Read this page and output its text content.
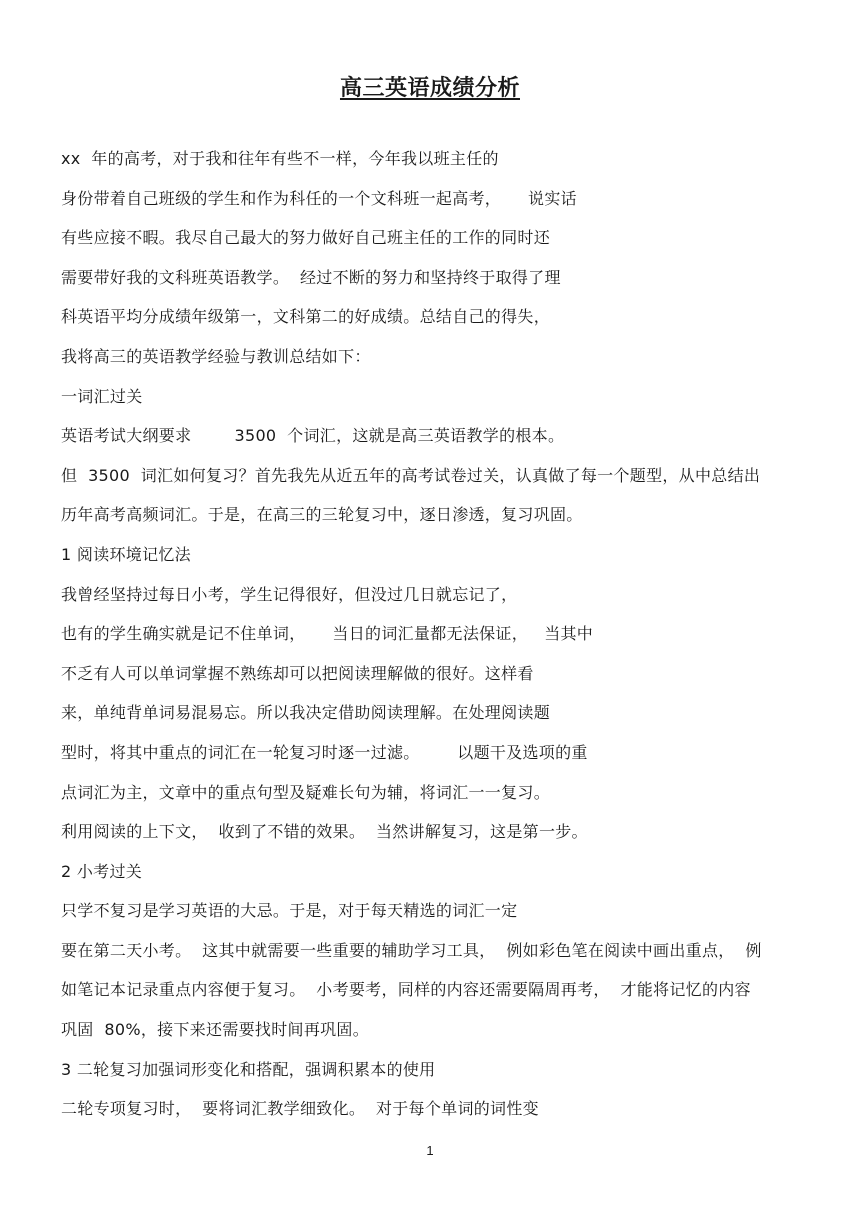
高三英语成绩分析
xx  年的高考，对于我和往年有些不一样，今年我以班主任的
身份带着自己班级的学生和作为科任的一个文科班一起高考，     说实话
有些应接不暇。我尽自己最大的努力做好自己班主任的工作的同时还
需要带好我的文科班英语教学。  经过不断的努力和坚持终于取得了理
科英语平均分成绩年级第一，文科第二的好成绩。总结自己的得失，
我将高三的英语教学经验与教训总结如下：
一词汇过关
英语考试大纲要求        3500  个词汇，这就是高三英语教学的根本。
但  3500  词汇如何复习？首先我先从近五年的高考试卷过关，认真做了每一个题型，从中总结出
历年高考高频词汇。于是，在高三的三轮复习中，逐日渗透，复习巩固。
1 阅读环境记忆法
我曾经坚持过每日小考，学生记得很好，但没过几日就忘记了，
也有的学生确实就是记不住单词，     当日的词汇量都无法保证，   当其中
不乏有人可以单词掌握不熟练却可以把阅读理解做的很好。这样看
来，单纯背单词易混易忘。所以我决定借助阅读理解。在处理阅读题
型时，将其中重点的词汇在一轮复习时逐一过滤。       以题干及选项的重
点词汇为主，文章中的重点句型及疑难长句为辅，将词汇一一复习。
利用阅读的上下文，  收到了不错的效果。  当然讲解复习，这是第一步。
2 小考过关
只学不复习是学习英语的大忌。于是，对于每天精选的词汇一定
要在第二天小考。  这其中就需要一些重要的辅助学习工具，  例如彩色笔在阅读中画出重点，  例
如笔记本记录重点内容便于复习。  小考要考，同样的内容还需要隔周再考，  才能将记忆的内容
巩固  80%，接下来还需要找时间再巩固。
3 二轮复习加强词形变化和搭配，强调积累本的使用
二轮专项复习时，  要将词汇教学细致化。  对于每个单词的词性变
1
